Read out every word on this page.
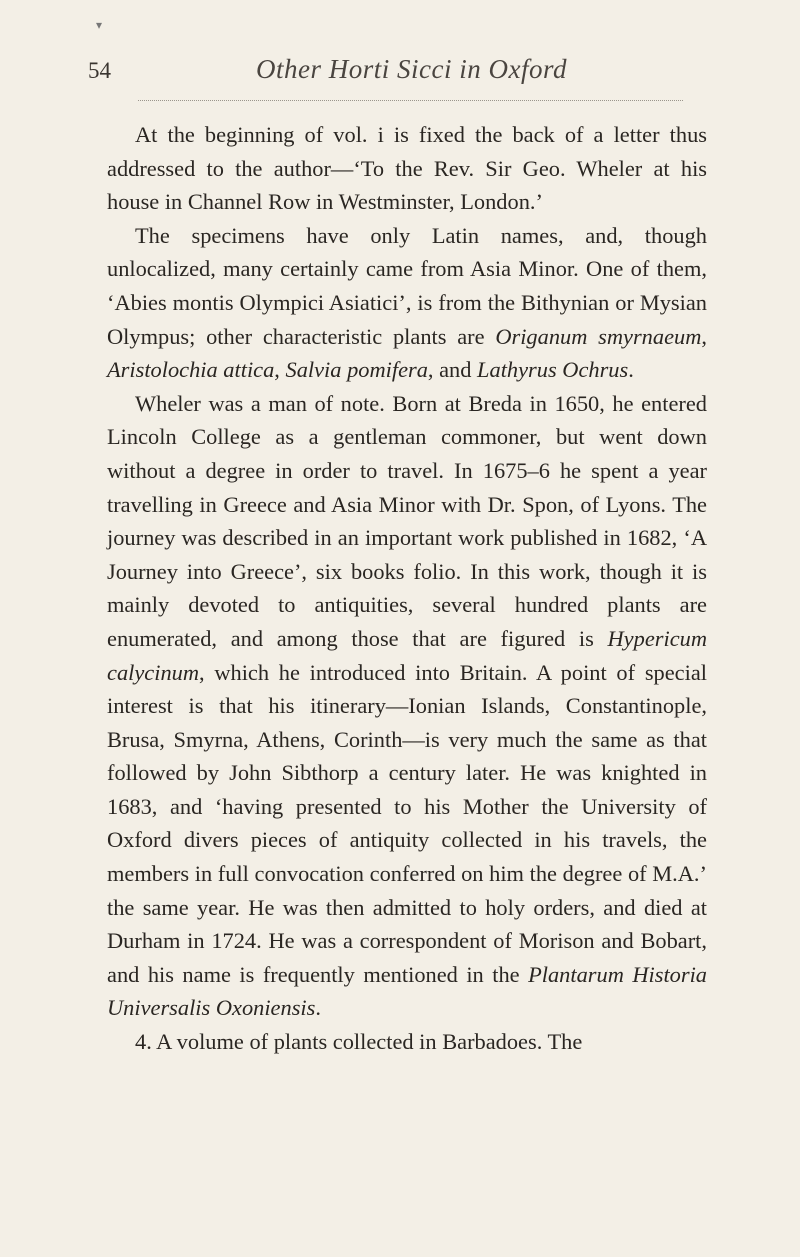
54	Other Horti Sicci in Oxford
▾

At the beginning of vol. i is fixed the back of a letter thus addressed to the author—‘To the Rev. Sir Geo. Wheler at his house in Channel Row in Westminster, London.’

The specimens have only Latin names, and, though unlocalized, many certainly came from Asia Minor. One of them, ‘Abies montis Olympici Asiatici’, is from the Bithynian or Mysian Olympus; other characteristic plants are Origanum smyrnaeum, Aristolochia attica, Salvia pomifera, and Lathyrus Ochrus.

Wheler was a man of note. Born at Breda in 1650, he entered Lincoln College as a gentleman commoner, but went down without a degree in order to travel. In 1675–6 he spent a year travelling in Greece and Asia Minor with Dr. Spon, of Lyons. The journey was described in an important work published in 1682, ‘A Journey into Greece’, six books folio. In this work, though it is mainly devoted to antiquities, several hundred plants are enumerated, and among those that are figured is Hypericum calycinum, which he introduced into Britain. A point of special interest is that his itinerary—Ionian Islands, Constantinople, Brusa, Smyrna, Athens, Corinth—is very much the same as that followed by John Sibthorp a century later. He was knighted in 1683, and ‘having presented to his Mother the University of Oxford divers pieces of antiquity collected in his travels, the members in full convocation conferred on him the degree of M.A.’ the same year. He was then admitted to holy orders, and died at Durham in 1724. He was a correspondent of Morison and Bobart, and his name is frequently mentioned in the Plantarum Historia Universalis Oxoniensis.

4. A volume of plants collected in Barbadoes. The
